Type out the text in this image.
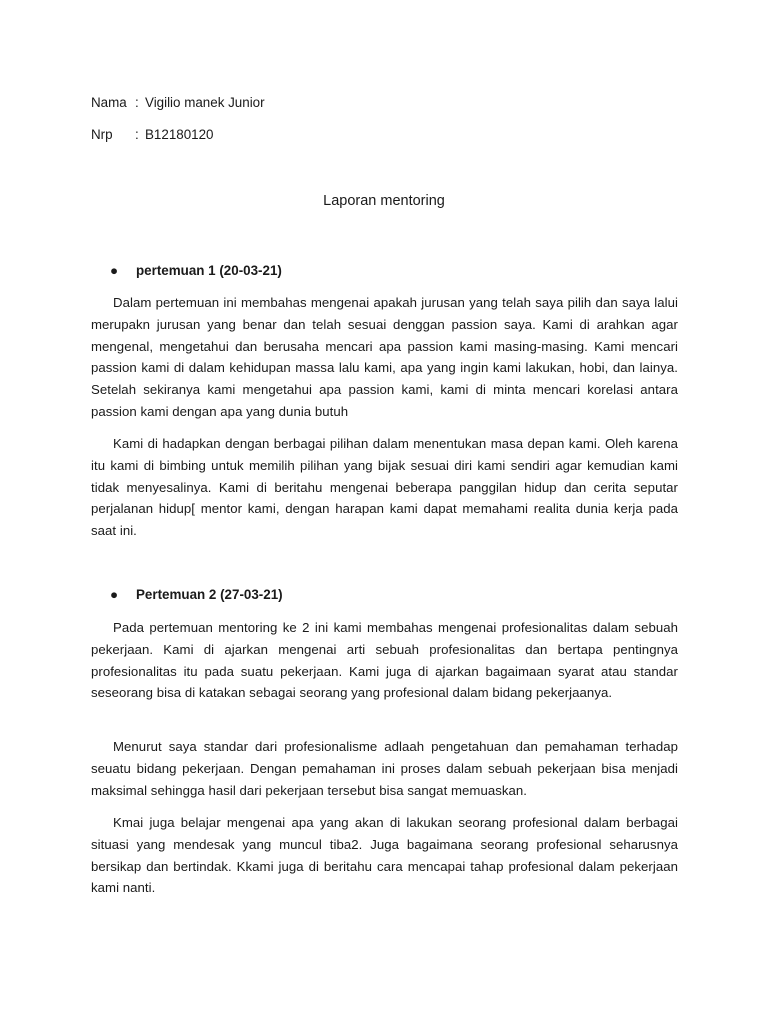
Nama : Vigilio manek Junior
Nrp	: B12180120
Laporan mentoring
● pertemuan 1 (20-03-21)

Dalam pertemuan ini membahas mengenai apakah jurusan yang telah saya pilih dan saya lalui merupakn jurusan yang benar dan telah sesuai denggan passion saya. Kami di arahkan agar mengenal, mengetahui dan berusaha mencari apa passion kami masing-masing. Kami mencari passion kami di dalam kehidupan massa lalu kami, apa yang ingin kami lakukan, hobi, dan lainya. Setelah sekiranya kami mengetahui apa passion kami, kami di minta mencari korelasi antara passion kami dengan apa yang dunia butuh

Kami di hadapkan dengan berbagai pilihan dalam menentukan masa depan kami. Oleh karena itu kami di bimbing untuk memilih pilihan yang bijak sesuai diri kami sendiri agar kemudian kami tidak menyesalinya. Kami di beritahu mengenai beberapa panggilan hidup dan cerita seputar perjalanan hidup[ mentor kami, dengan harapan kami dapat memahami realita dunia kerja pada saat ini.

● Pertemuan 2 (27-03-21)

Pada pertemuan mentoring ke 2 ini kami membahas mengenai profesionalitas dalam sebuah pekerjaan. Kami di ajarkan mengenai arti sebuah profesionalitas dan bertapa pentingnya profesionalitas itu pada suatu pekerjaan. Kami juga di ajarkan bagaimaan syarat atau standar seseorang bisa di katakan sebagai seorang yang profesional dalam bidang pekerjaanya.

Menurut saya standar dari profesionalisme adlaah pengetahuan dan pemahaman terhadap seuatu bidang pekerjaan. Dengan pemahaman ini proses dalam sebuah pekerjaan bisa menjadi maksimal sehingga hasil dari pekerjaan tersebut bisa sangat memuaskan.

Kmai juga belajar mengenai apa yang akan di lakukan seorang profesional dalam berbagai situasi yang mendesak yang muncul tiba2. Juga bagaimana seorang profesional seharusnya bersikap dan bertindak. Kkami juga di beritahu cara mencapai tahap profesional dalam pekerjaan kami nanti.
